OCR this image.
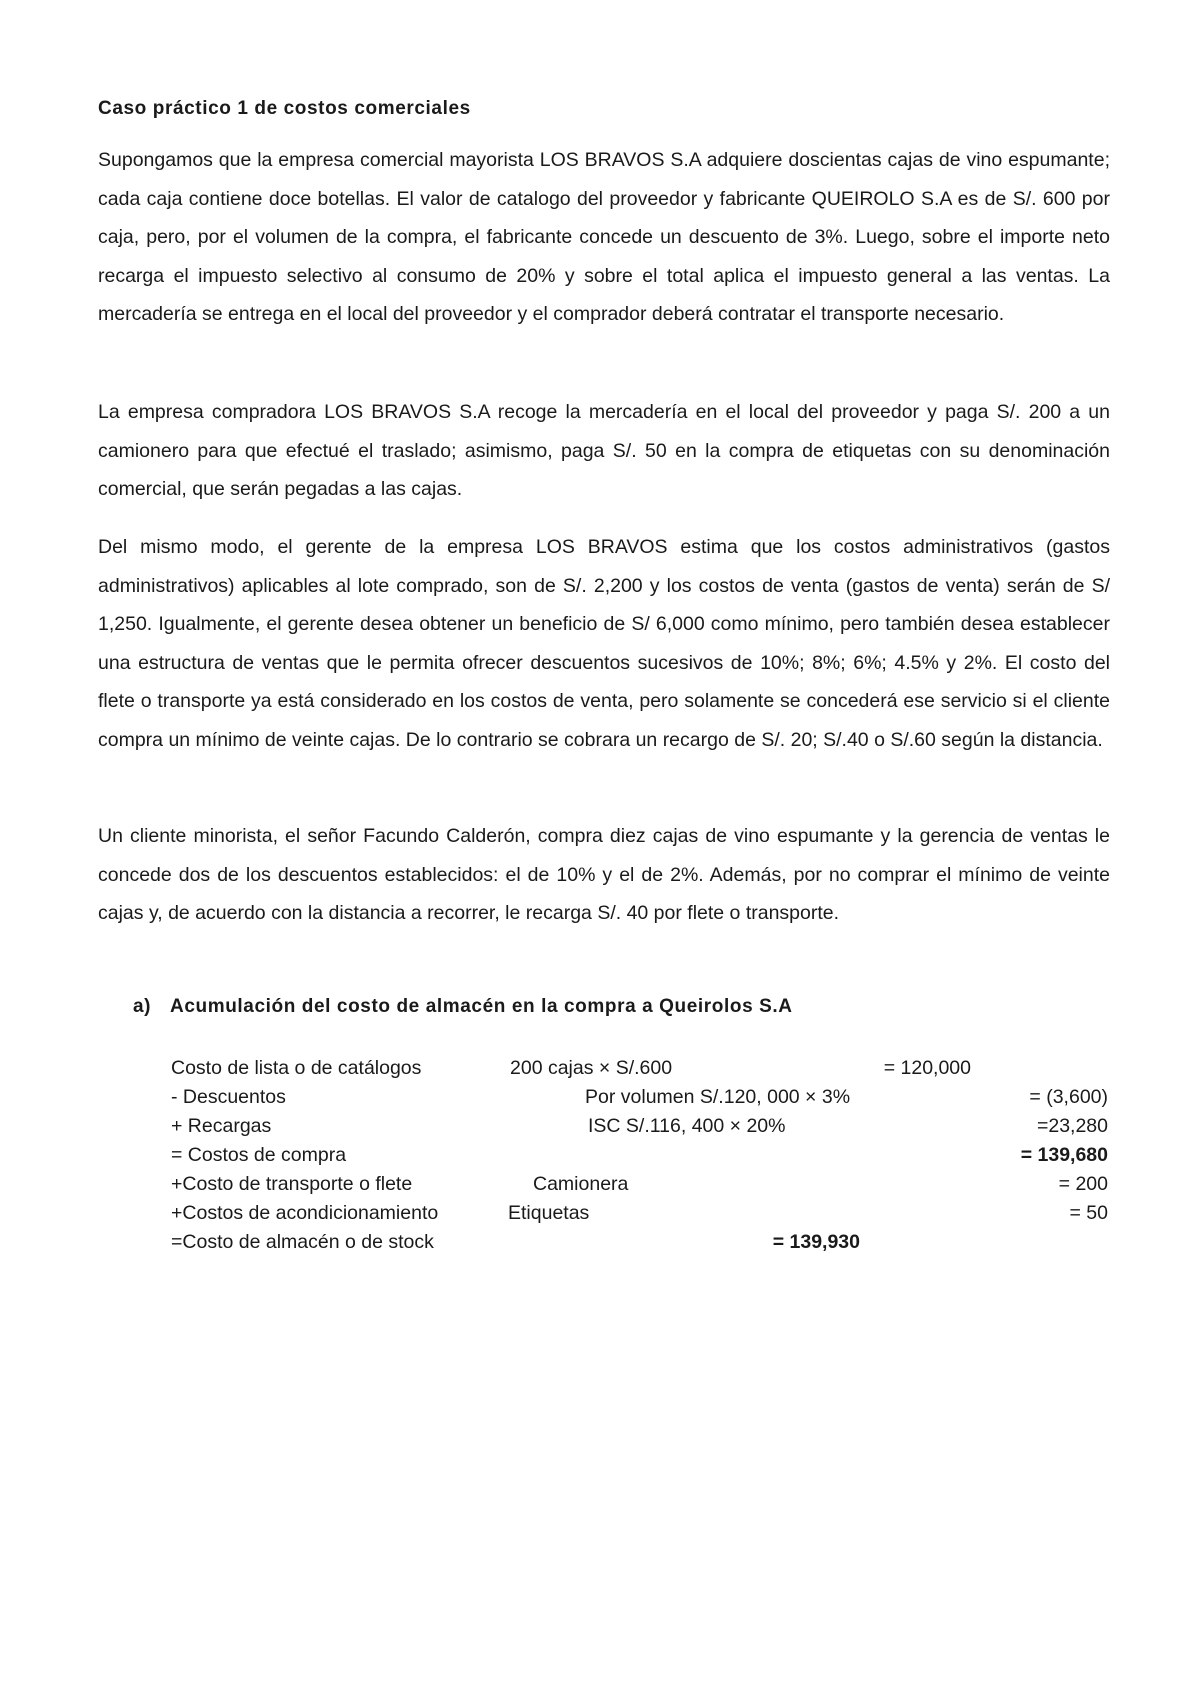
Caso práctico 1 de costos comerciales

Supongamos que la empresa comercial mayorista LOS BRAVOS S.A adquiere doscientas cajas de vino espumante; cada caja contiene doce botellas. El valor de catalogo del proveedor y fabricante QUEIROLO S.A es de S/. 600 por caja, pero, por el volumen de la compra, el fabricante concede un descuento de 3%. Luego, sobre el importe neto recarga el impuesto selectivo al consumo de 20% y sobre el total aplica el impuesto general a las ventas. La mercadería se entrega en el local del proveedor y el comprador deberá contratar el transporte necesario.

La empresa compradora LOS BRAVOS S.A recoge la mercadería en el local del proveedor y paga S/. 200 a un camionero para que efectué el traslado; asimismo, paga S/. 50 en la compra de etiquetas con su denominación comercial, que serán pegadas a las cajas.

Del mismo modo, el gerente de la empresa LOS BRAVOS estima que los costos administrativos (gastos administrativos) aplicables al lote comprado, son de S/. 2,200 y los costos de venta (gastos de venta) serán de S/ 1,250. Igualmente, el gerente desea obtener un beneficio de S/ 6,000 como mínimo, pero también desea establecer una estructura de ventas que le permita ofrecer descuentos sucesivos de 10%; 8%; 6%; 4.5% y 2%. El costo del flete o transporte ya está considerado en los costos de venta, pero solamente se concederá ese servicio si el cliente compra un mínimo de veinte cajas. De lo contrario se cobrara un recargo de S/. 20; S/.40 o S/.60 según la distancia.

Un cliente minorista, el señor Facundo Calderón, compra diez cajas de vino espumante y la gerencia de ventas le concede dos de los descuentos establecidos: el de 10% y el de 2%. Además, por no comprar el mínimo de veinte cajas y, de acuerdo con la distancia a recorrer, le recarga S/. 40 por flete o transporte.

a) Acumulación del costo de almacén en la compra a Queirolos S.A
Costo de lista o de catálogos	200 cajas × S/.600	= 120,000
- Descuentos	Por volumen S/.120, 000 × 3%	= (3,600)
+ Recargas	ISC S/.116, 400 × 20%	=23,280
= Costos de compra	= 139,680
+Costo de transporte o flete	Camionera	= 200
+Costos de acondicionamiento	Etiquetas	= 50
=Costo de almacén o de stock	= 139,930
